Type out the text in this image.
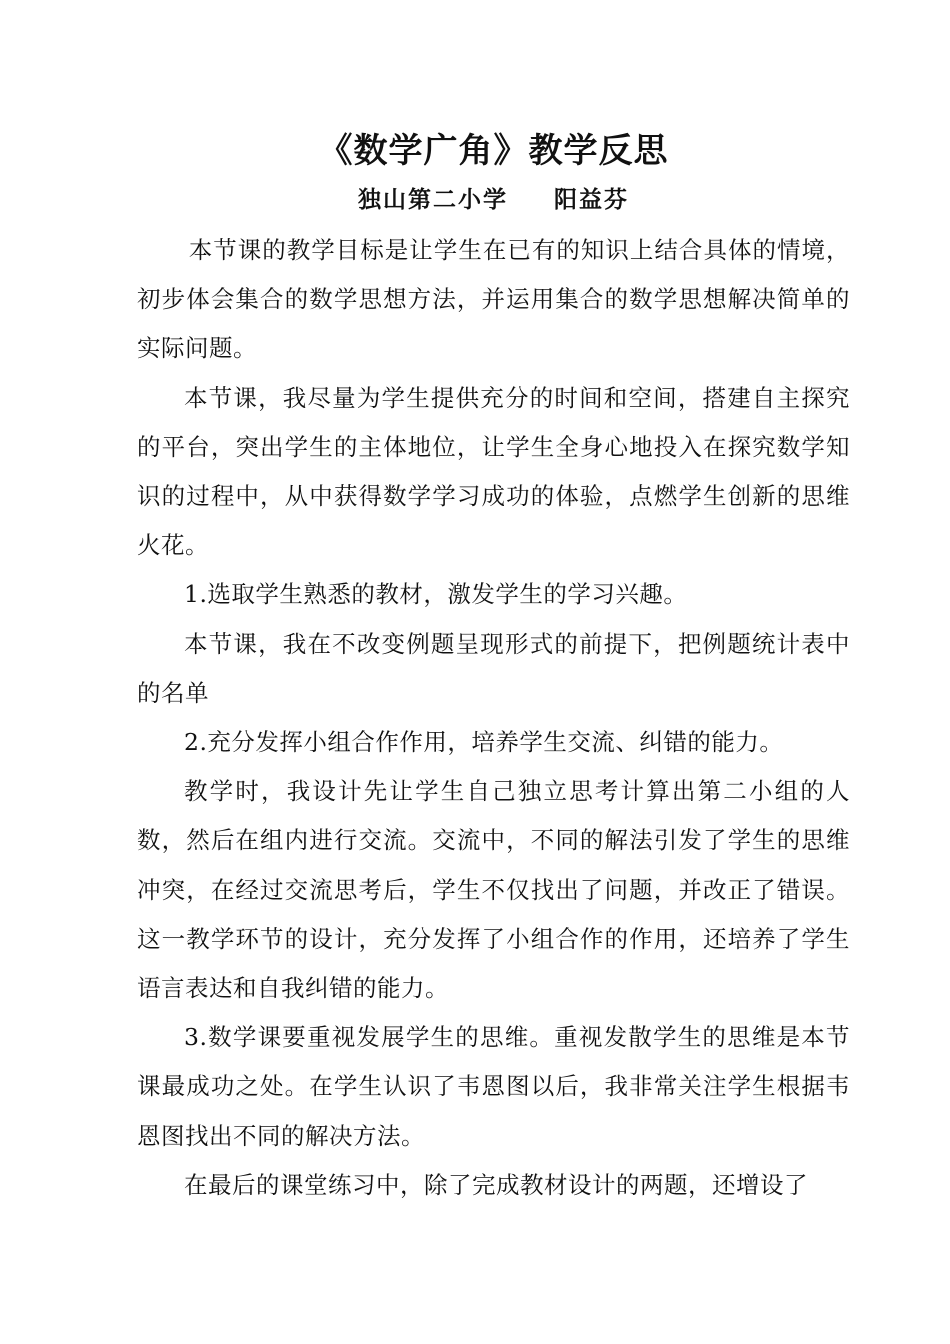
《数学广角》教学反思
独山第二小学 阳益芬

本节课的教学目标是让学生在已有的知识上结合具体的情境，初步体会集合的数学思想方法，并运用集合的数学思想解决简单的实际问题。

本节课，我尽量为学生提供充分的时间和空间，搭建自主探究的平台，突出学生的主体地位，让学生全身心地投入在探究数学知识的过程中，从中获得数学学习成功的体验，点燃学生创新的思维火花。

1.选取学生熟悉的教材，激发学生的学习兴趣。

本节课，我在不改变例题呈现形式的前提下，把例题统计表中的名单

2.充分发挥小组合作作用，培养学生交流、纠错的能力。

教学时，我设计先让学生自己独立思考计算出第二小组的人数，然后在组内进行交流。交流中，不同的解法引发了学生的思维冲突，在经过交流思考后，学生不仅找出了问题，并改正了错误。这一教学环节的设计，充分发挥了小组合作的作用，还培养了学生语言表达和自我纠错的能力。

3.数学课要重视发展学生的思维。重视发散学生的思维是本节课最成功之处。在学生认识了韦恩图以后，我非常关注学生根据韦恩图找出不同的解决方法。

在最后的课堂练习中，除了完成教材设计的两题，还增设了
